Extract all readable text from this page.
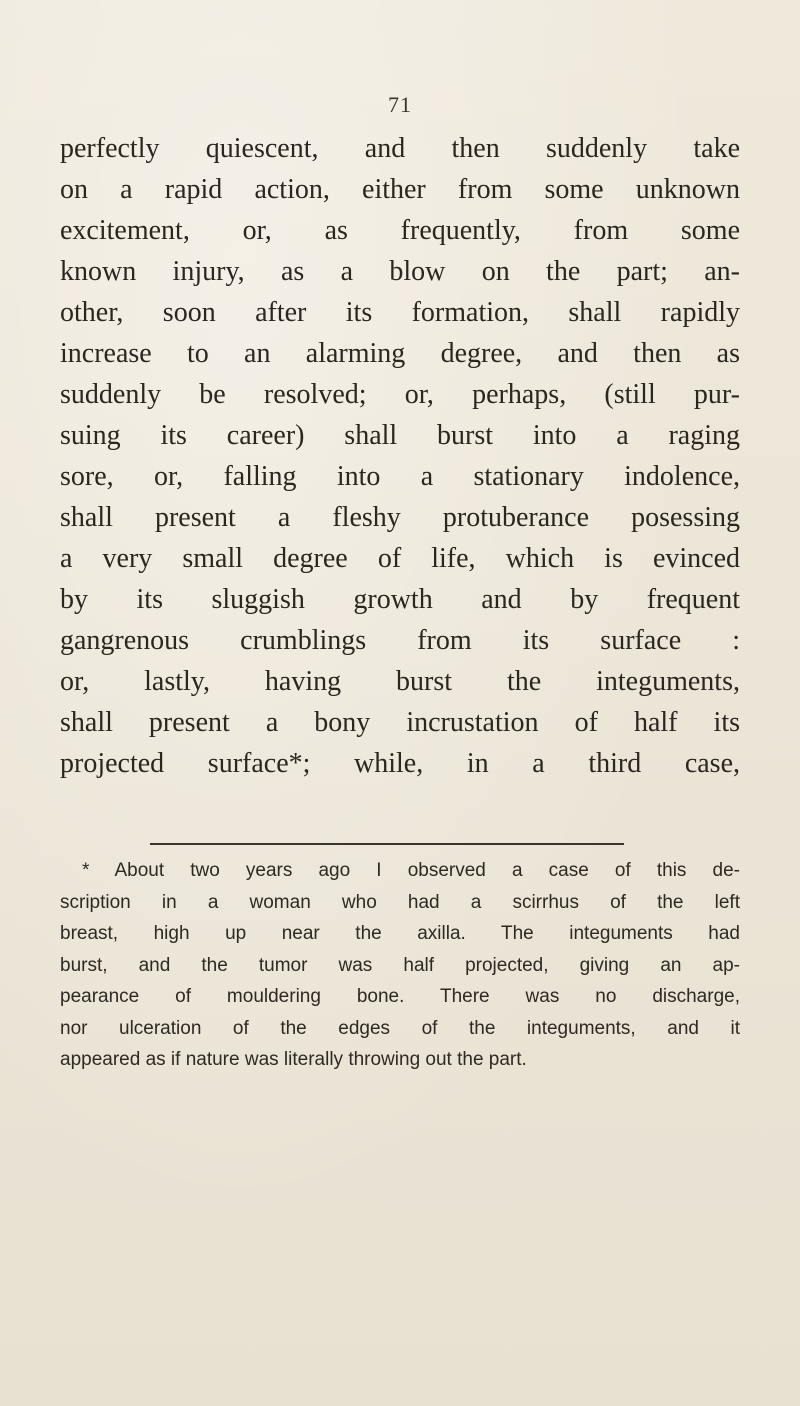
71
perfectly quiescent, and then suddenly take
on a rapid action, either from some unknown
excitement, or, as frequently, from some
known injury, as a blow on the part; an-
other, soon after its formation, shall rapidly
increase to an alarming degree, and then as
suddenly be resolved; or, perhaps, (still pur-
suing its career) shall burst into a raging
sore, or, falling into a stationary indolence,
shall present a fleshy protuberance posessing
a very small degree of life, which is evinced
by its sluggish growth and by frequent
gangrenous crumblings from its surface :
or, lastly, having burst the integuments,
shall present a bony incrustation of half its
projected surface*; while, in a third case,
* About two years ago I observed a case of this de-
scription in a woman who had a scirrhus of the left
breast, high up near the axilla. The integuments had
burst, and the tumor was half projected, giving an ap-
pearance of mouldering bone. There was no discharge,
nor ulceration of the edges of the integuments, and it
appeared as if nature was literally throwing out the part.
